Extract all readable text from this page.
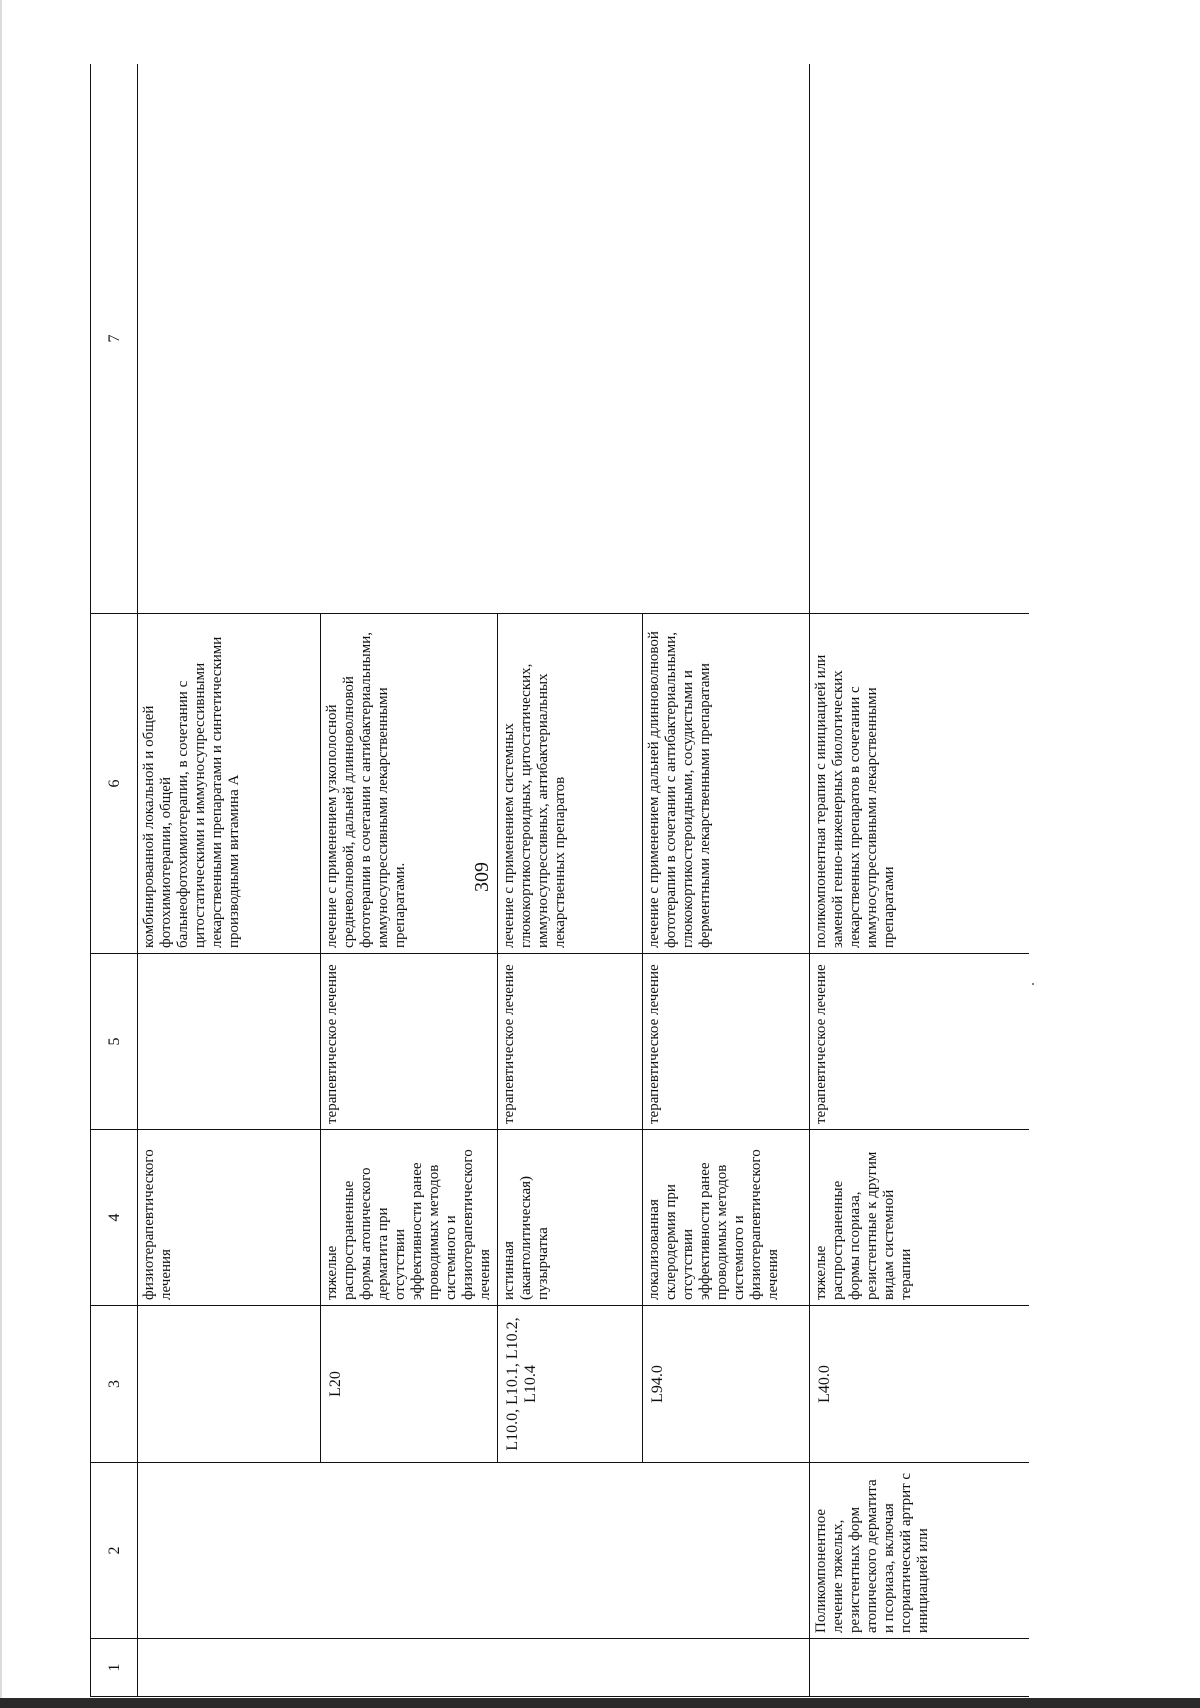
309
1	2	3	4	5	6	7
			физиотерапевтического лечения		комбинированной локальной и общей фотохимиотерапии, общей бальнеофотохимиотерапии, в сочетании с цитостатическими и иммуносупрессивными лекарственными препаратами и синтетическими производными витамина А	
		L20	тяжелые распространенные формы атопического дерматита при отсутствии эффективности ранее проводимых методов системного и физиотерапевтического лечения	терапевтическое лечение	лечение с применением узкополосной средневолновой, дальней длинноволновой фототерапии в сочетании с антибактериальными, иммуносупрессивными лекарственными препаратами.	
		L10.0, L10.1, L10.2, L10.4	истинная (акантолитическая) пузырчатка	терапевтическое лечение	лечение с применением системных глюкокортикостероидных, цитостатических, иммуносупрессивных, антибактериальных лекарственных препаратов	
		L94.0	локализованная склеродермия при отсутствии эффективности ранее проводимых методов системного и физиотерапевтического лечения	терапевтическое лечение	лечение с применением дальней длинноволновой фототерапии в сочетании с антибактериальными, глюкокортикостероидными, сосудистыми и ферментными лекарственными препаратами	
	Поликомпонентное лечение тяжелых, резистентных форм атопического дерматита и псориаза, включая псориатический артрит с инициацией или	L40.0	тяжелые распространенные формы псориаза, резистентные к другим видам системной терапии	терапевтическое лечение	поликомпонентная терапия с инициацией или заменой генно-инженерных биологических лекарственных препаратов в сочетании с иммуносупрессивными лекарственными препаратами	
